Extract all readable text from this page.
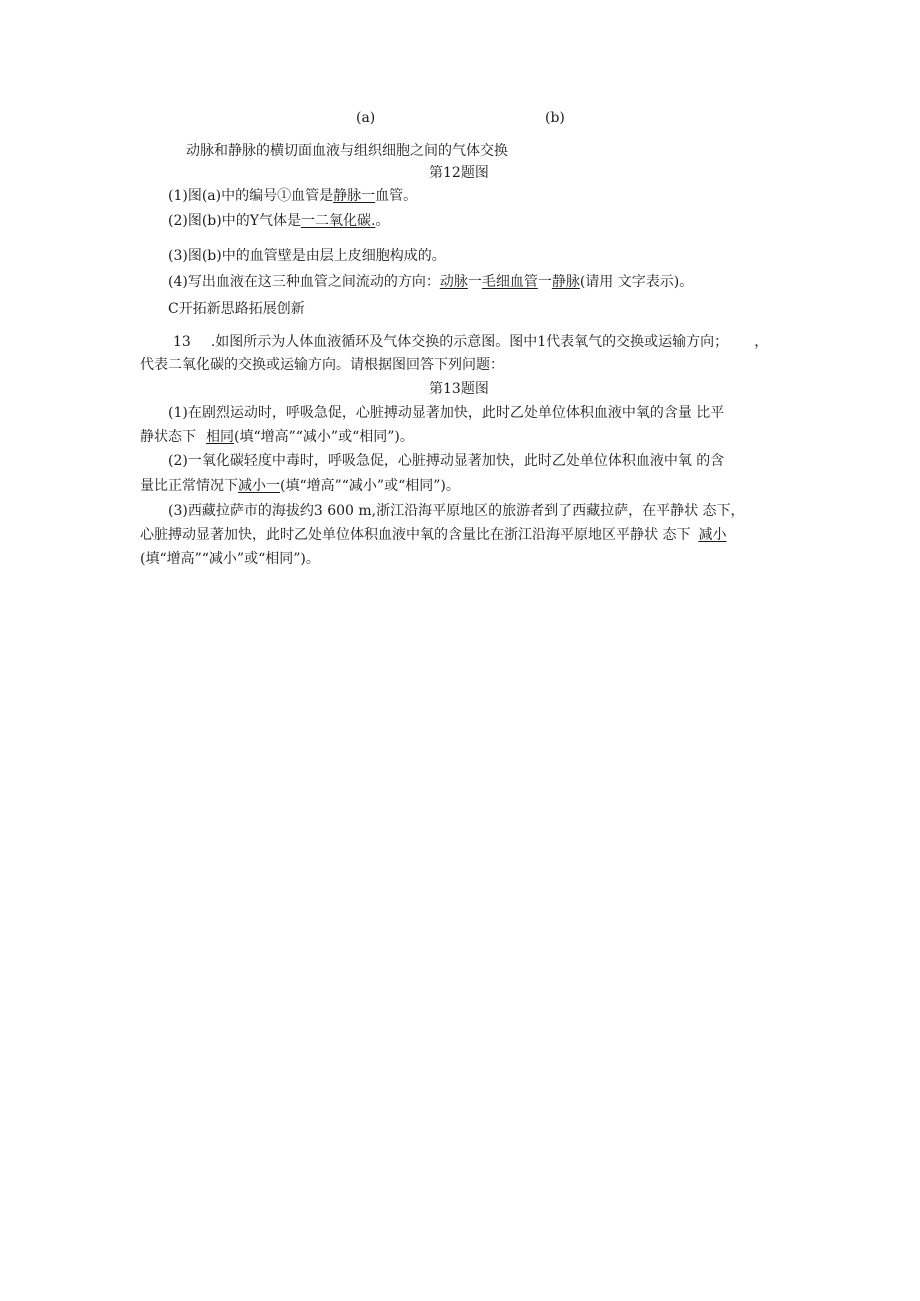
(a)	(b)
动脉和静脉的横切面血液与组织细胞之间的气体交换
第12题图
(1)图(a)中的编号①血管是静脉一血管。
(2)图(b)中的Y气体是一二氧化碳.。
(3)图(b)中的血管壁是由层上皮细胞构成的。
(4)写出血液在这三种血管之间流动的方向：动脉一毛细血管一静脉(请用 文字表示)。
C开拓新思路拓展创新
13 .如图所示为人体血液循环及气体交换的示意图。图中1代表氧气的交换或运输方向； ，
代表二氧化碳的交换或运输方向。请根据图回答下列问题：
第13题图
(1)在剧烈运动时，呼吸急促，心脏搏动显著加快，此时乙处单位体积血液中氧的含量 比平
静状态下 相同(填“增高”“减小”或“相同”)。
(2)一氧化碳轻度中毒时，呼吸急促，心脏搏动显著加快，此时乙处单位体积血液中氧 的含
量比正常情况下减小一(填“增高”“减小”或“相同”)。
(3)西藏拉萨市的海拔约3 600 m,浙江沿海平原地区的旅游者到了西藏拉萨，在平静状 态下，
心脏搏动显著加快，此时乙处单位体积血液中氧的含量比在浙江沿海平原地区平静状 态下 减小
(填“增高”“减小”或“相同”)。
